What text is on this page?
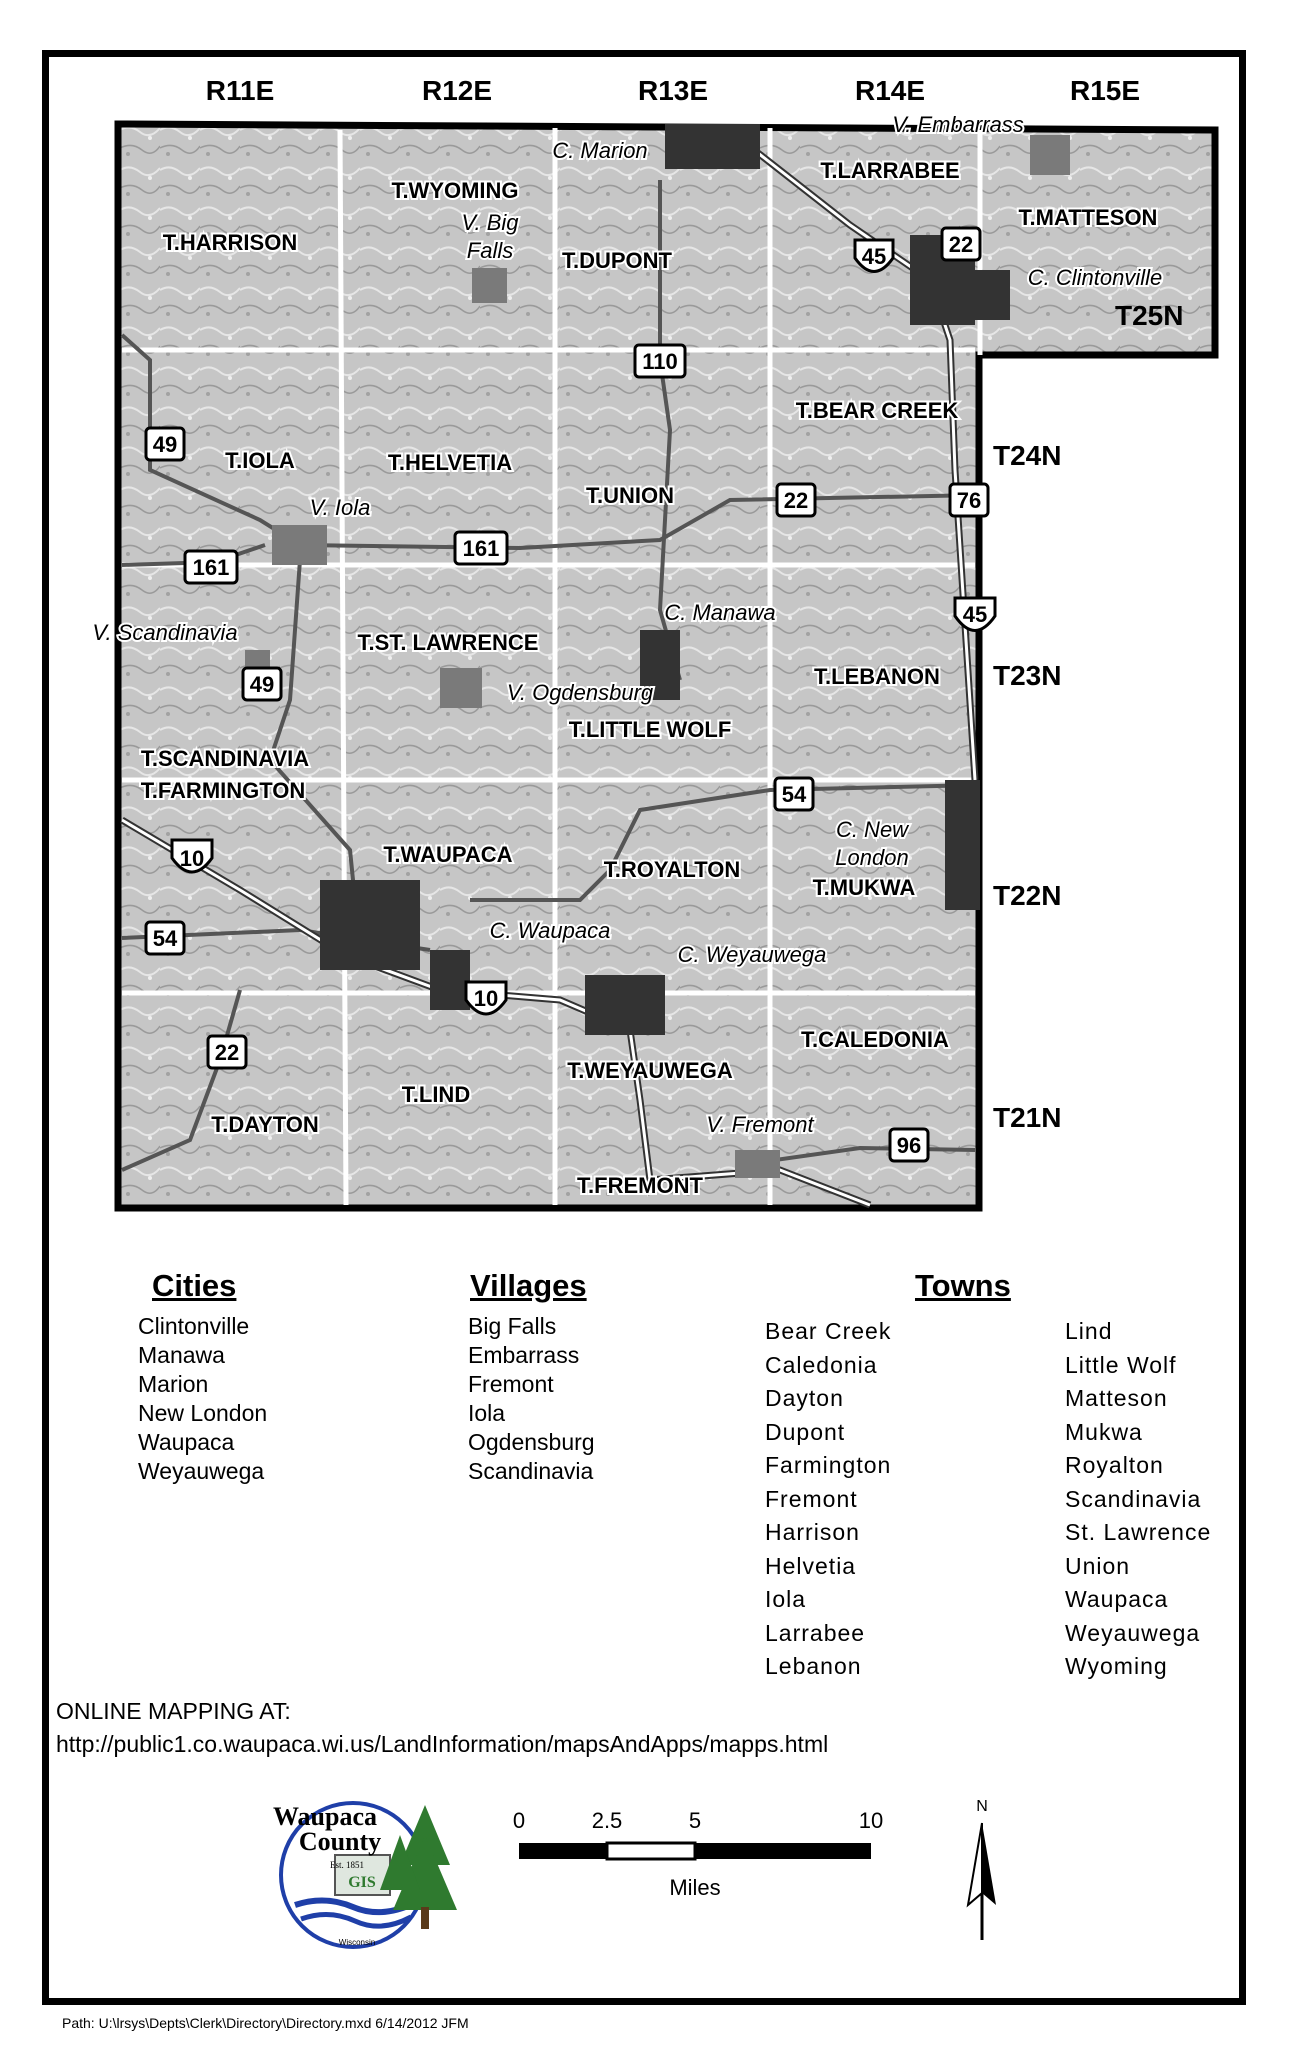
R11E	R12E	R13E	R14E	R15E
T25N
T24N
T23N
T22N
T21N
T.HARRISON
T.WYOMING
T.DUPONT
T.LARRABEE
T.MATTESON
T.IOLA	T.HELVETIA
T.UNION
T.BEAR CREEK
T.ST. LAWRENCE
T.LITTLE WOLF
T.LEBANON
T.SCANDINAVIA
T.FARMINGTON
T.WAUPACA
T.ROYALTON
T.MUKWA
T.CALEDONIA
T.WEYAUWEGA
T.LIND
T.DAYTON
T.FREMONT
C. Marion
V. Embarrass
V. Big
Falls
C. Clintonville
V. Iola
V. Scandinavia
C. Manawa
V. Ogdensburg
C. New
London
C. Waupaca
C. Weyauwega
V. Fremont
45	22
110
49
161
22	76
161
45
49
54
10
54
10
22
96
Cities
Clintonville
Manawa
Marion
New London
Waupaca
Weyauwega
Villages
Big Falls
Embarrass
Fremont
Iola
Ogdensburg
Scandinavia
Towns
Bear Creek
Caledonia
Dayton
Dupont
Farmington
Fremont
Harrison
Helvetia
Iola
Larrabee
Lebanon
Lind
Little Wolf
Matteson
Mukwa
Royalton
Scandinavia
St. Lawrence
Union
Waupaca
Weyauwega
Wyoming
ONLINE MAPPING AT:
http://public1.co.waupaca.wi.us/LandInformation/mapsAndApps/mapps.html
Waupaca
County
Est. 1851
GIS
Wisconsin
0	2.5	5	10
Miles
N
Path: U:\lrsys\Depts\Clerk\Directory\Directory.mxd 6/14/2012 JFM
